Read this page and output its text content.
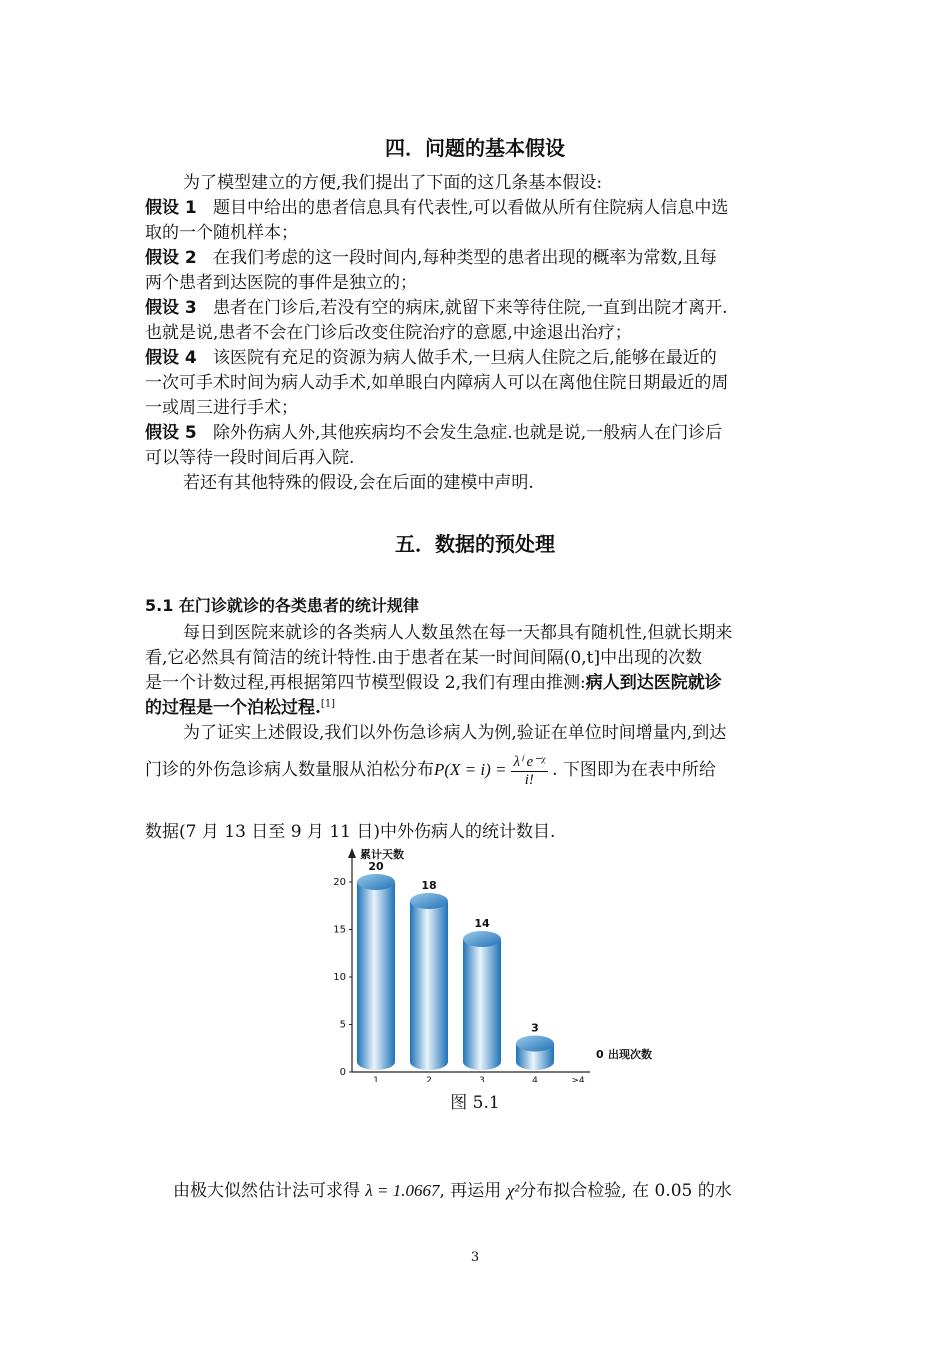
四．问题的基本假设
为了模型建立的方便,我们提出了下面的这几条基本假设:
假设 1 题目中给出的患者信息具有代表性,可以看做从所有住院病人信息中选
取的一个随机样本；
假设 2 在我们考虑的这一段时间内,每种类型的患者出现的概率为常数,且每
两个患者到达医院的事件是独立的；
假设 3 患者在门诊后,若没有空的病床,就留下来等待住院,一直到出院才离开.
也就是说,患者不会在门诊后改变住院治疗的意愿,中途退出治疗；
假设 4 该医院有充足的资源为病人做手术,一旦病人住院之后,能够在最近的
一次可手术时间为病人动手术,如单眼白内障病人可以在离他住院日期最近的周
一或周三进行手术；
假设 5 除外伤病人外,其他疾病均不会发生急症.也就是说,一般病人在门诊后
可以等待一段时间后再入院.
若还有其他特殊的假设,会在后面的建模中声明.
五．数据的预处理
5.1 在门诊就诊的各类患者的统计规律
每日到医院来就诊的各类病人人数虽然在每一天都具有随机性,但就长期来
看,它必然具有简洁的统计特性.由于患者在某一时间间隔(0,t]中出现的次数
是一个计数过程,再根据第四节模型假设 2,我们有理由推测:病人到达医院就诊
的过程是一个泊松过程.[1]
为了证实上述假设,我们以外伤急诊病人为例,验证在单位时间增量内,到达
门诊的外伤急诊病人数量服从泊松分布$P(X = i) = \frac{\text{λⁱ e⁻ᵡ}}{i!}$ . 下图即为在表中所给
数据(7 月 13 日至 9 月 11 日)中外伤病人的统计数目.
累计天数
0
5
10
15
20
20
18
14
3
0 出现次数
1	2	3	4	>4
图 5.1
由极大似然估计法可求得 λ = 1.0667, 再运用 χ²分布拟合检验, 在 0.05 的水
3
